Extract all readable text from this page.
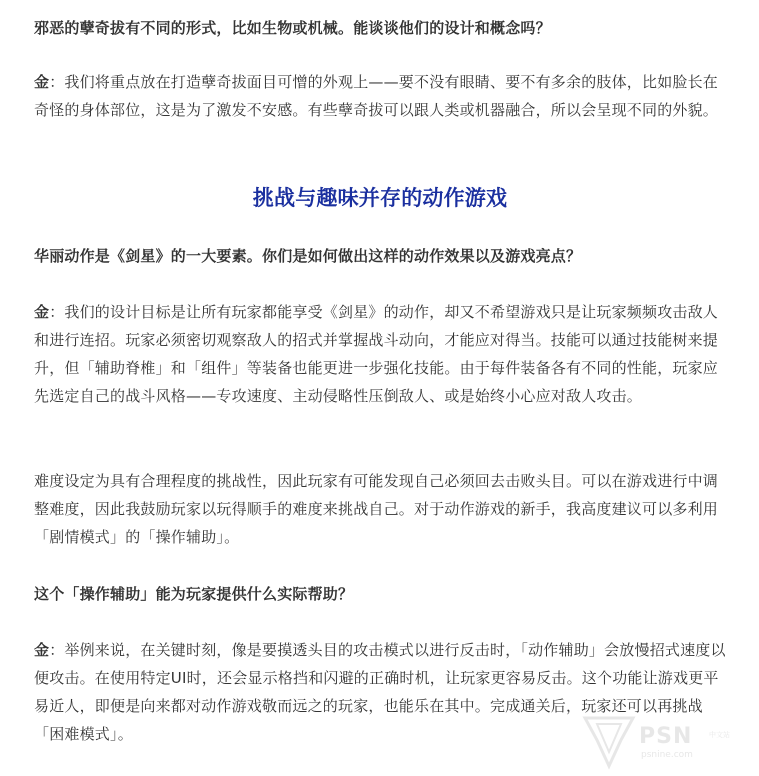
邪恶的孽奇拔有不同的形式，比如生物或机械。能谈谈他们的设计和概念吗？

金：我们将重点放在打造孽奇拔面目可憎的外观上——要不没有眼睛、要不有多余的肢体，比如脸长在奇怪的身体部位，这是为了激发不安感。有些孽奇拔可以跟人类或机器融合，所以会呈现不同的外貌。

挑战与趣味并存的动作游戏

华丽动作是《剑星》的一大要素。你们是如何做出这样的动作效果以及游戏亮点？

金：我们的设计目标是让所有玩家都能享受《剑星》的动作，却又不希望游戏只是让玩家频频攻击敌人和进行连招。玩家必须密切观察敌人的招式并掌握战斗动向，才能应对得当。技能可以通过技能树来提升，但「辅助脊椎」和「组件」等装备也能更进一步强化技能。由于每件装备各有不同的性能，玩家应先选定自己的战斗风格——专攻速度、主动侵略性压倒敌人、或是始终小心应对敌人攻击。

难度设定为具有合理程度的挑战性，因此玩家有可能发现自己必须回去击败头目。可以在游戏进行中调整难度，因此我鼓励玩家以玩得顺手的难度来挑战自己。对于动作游戏的新手，我高度建议可以多利用「剧情模式」的「操作辅助」。

这个「操作辅助」能为玩家提供什么实际帮助？

金：举例来说，在关键时刻，像是要摸透头目的攻击模式以进行反击时，「动作辅助」会放慢招式速度以便攻击。在使用特定UI时，还会显示格挡和闪避的正确时机，让玩家更容易反击。这个功能让游戏更平易近人，即便是向来都对动作游戏敬而远之的玩家，也能乐在其中。完成通关后，玩家还可以再挑战「困难模式」。	PSN 中文站
psnine.com
